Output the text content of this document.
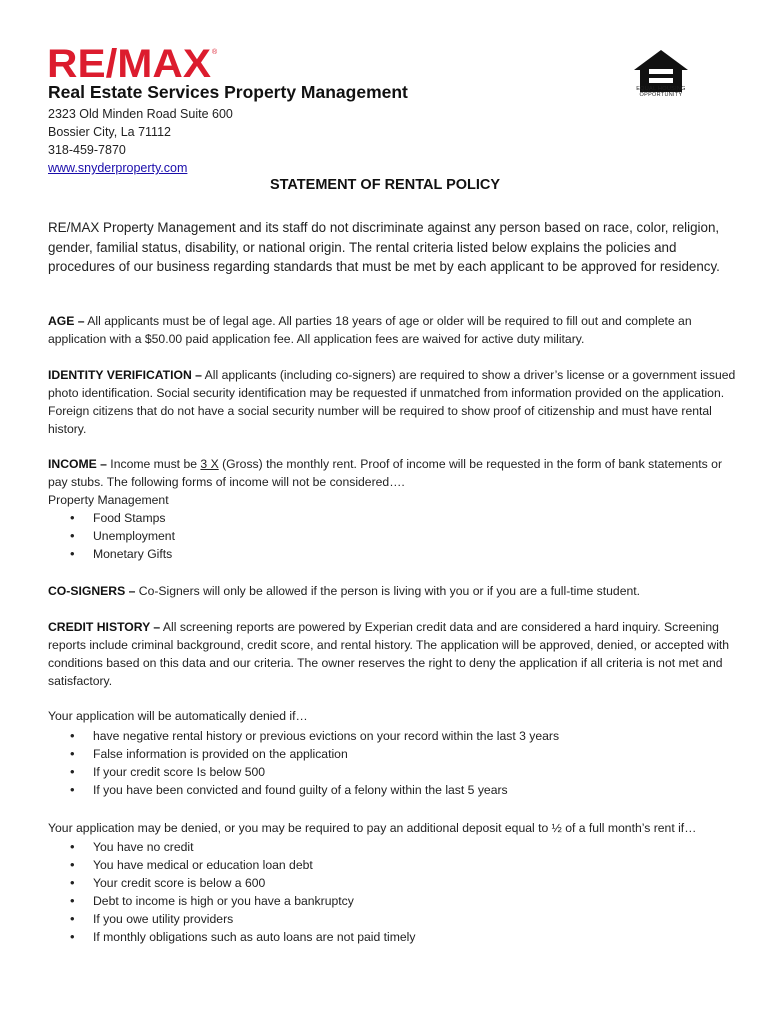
RE/MAX ®
EQUAL HOUSING
OPPORTUNITY
Real Estate Services Property Management
2323 Old Minden Road Suite 600
Bossier City, La 71112
318-459-7870
www.snyderproperty.com
STATEMENT OF RENTAL POLICY
RE/MAX Property Management and its staff do not discriminate against any person based on race, color, religion, gender, familial status, disability, or national origin. The rental criteria listed below explains the policies and procedures of our business regarding standards that must be met by each applicant to be approved for residency.
AGE – All applicants must be of legal age. All parties 18 years of age or older will be required to fill out and complete an application with a $50.00 paid application fee. All application fees are waived for active duty military.
IDENTITY VERIFICATION – All applicants (including co-signers) are required to show a driver’s license or a government issued photo identification. Social security identification may be requested if unmatched from information provided on the application. Foreign citizens that do not have a social security number will be required to show proof of citizenship and must have rental history.
INCOME – Income must be 3 X (Gross) the monthly rent. Proof of income will be requested in the form of bank statements or pay stubs. The following forms of income will not be considered….
Property Management
• Food Stamps
• Unemployment
• Monetary Gifts
CO-SIGNERS – Co-Signers will only be allowed if the person is living with you or if you are a full-time student.
CREDIT HISTORY – All screening reports are powered by Experian credit data and are considered a hard inquiry. Screening reports include criminal background, credit score, and rental history. The application will be approved, denied, or accepted with conditions based on this data and our criteria. The owner reserves the right to deny the application if all criteria is not met and satisfactory.
Your application will be automatically denied if…
• have negative rental history or previous evictions on your record within the last 3 years
• False information is provided on the application
• If your credit score Is below 500
• If you have been convicted and found guilty of a felony within the last 5 years
Your application may be denied, or you may be required to pay an additional deposit equal to ½ of a full month’s rent if…
• You have no credit
• You have medical or education loan debt
• Your credit score is below a 600
• Debt to income is high or you have a bankruptcy
• If you owe utility providers
• If monthly obligations such as auto loans are not paid timely
